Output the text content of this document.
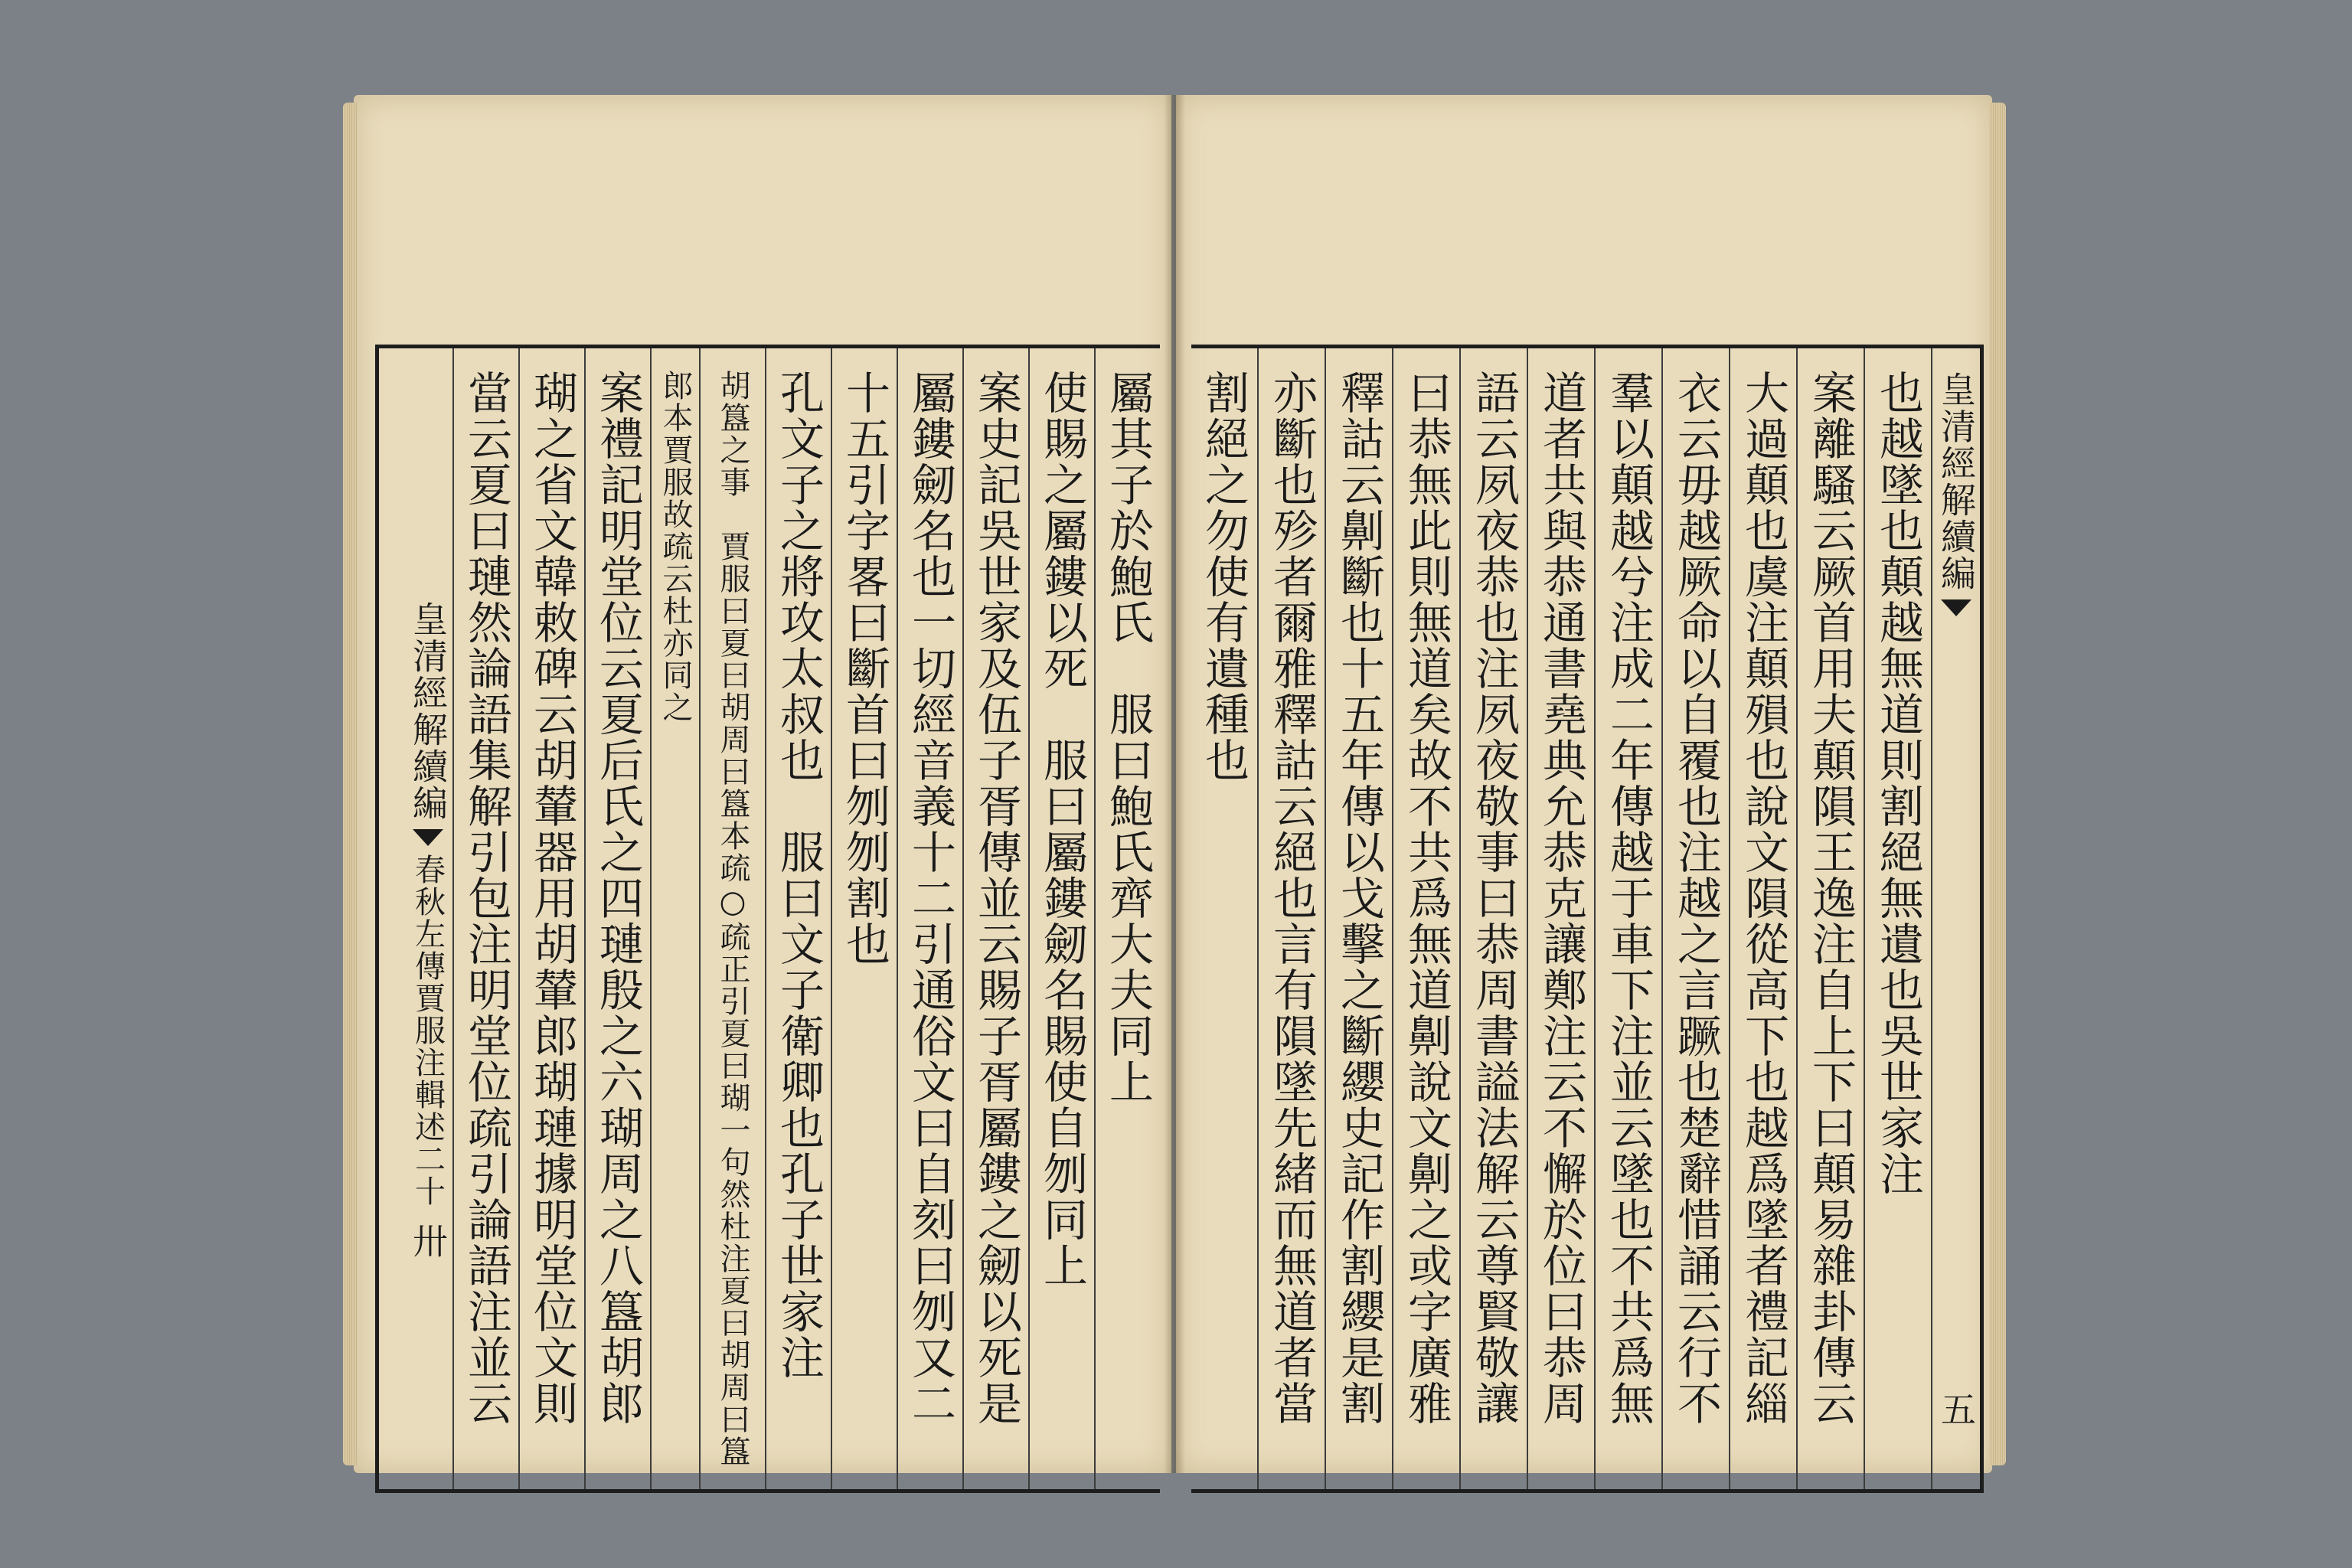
屬其子於鮑氏　服曰鮑氏齊大夫同上
使賜之屬鏤以死　服曰屬鏤劒名賜使自刎同上
案史記吳世家及伍子胥傳並云賜子胥屬鏤之劒以死是
屬鏤劒名也一切經音義十二引通俗文曰自刻曰刎又二
十五引字畧曰斷首曰刎刎割也
孔文子之將攻太叔也　服曰文子衛卿也孔子世家注
胡簋之事　賈服曰夏曰胡周曰簋本疏○疏正引夏曰瑚一句然杜注夏曰胡周曰簋
郎本賈服故疏云杜亦同之
案禮記明堂位云夏后氏之四璉殷之六瑚周之八簋胡郎
瑚之省文韓敕碑云胡輦器用胡輦郎瑚璉據明堂位文則
當云夏曰璉然論語集解引包注明堂位疏引論語注並云
皇清經解續編
春秋左傳賈服注輯述二十
卅
皇清經解續編
五
也越墜也顛越無道則割絕無遺也吳世家注
案離騷云厥首用夫顛隕王逸注自上下曰顛易雜卦傳云
大過顛也虞注顛殞也說文隕從高下也越爲墜者禮記緇
衣云毋越厥命以自覆也注越之言蹶也楚辭惜誦云行不
羣以顛越兮注成二年傳越于車下注並云墜也不共爲無
道者共與恭通書堯典允恭克讓鄭注云不懈於位曰恭周
語云夙夜恭也注夙夜敬事曰恭周書謚法解云尊賢敬讓
曰恭無此則無道矣故不共爲無道劓說文劓之或字廣雅
釋詁云劓斷也十五年傳以戈擊之斷纓史記作割纓是割
亦斷也殄者爾雅釋詁云絕也言有隕墜先緒而無道者當
割絕之勿使有遺種也
